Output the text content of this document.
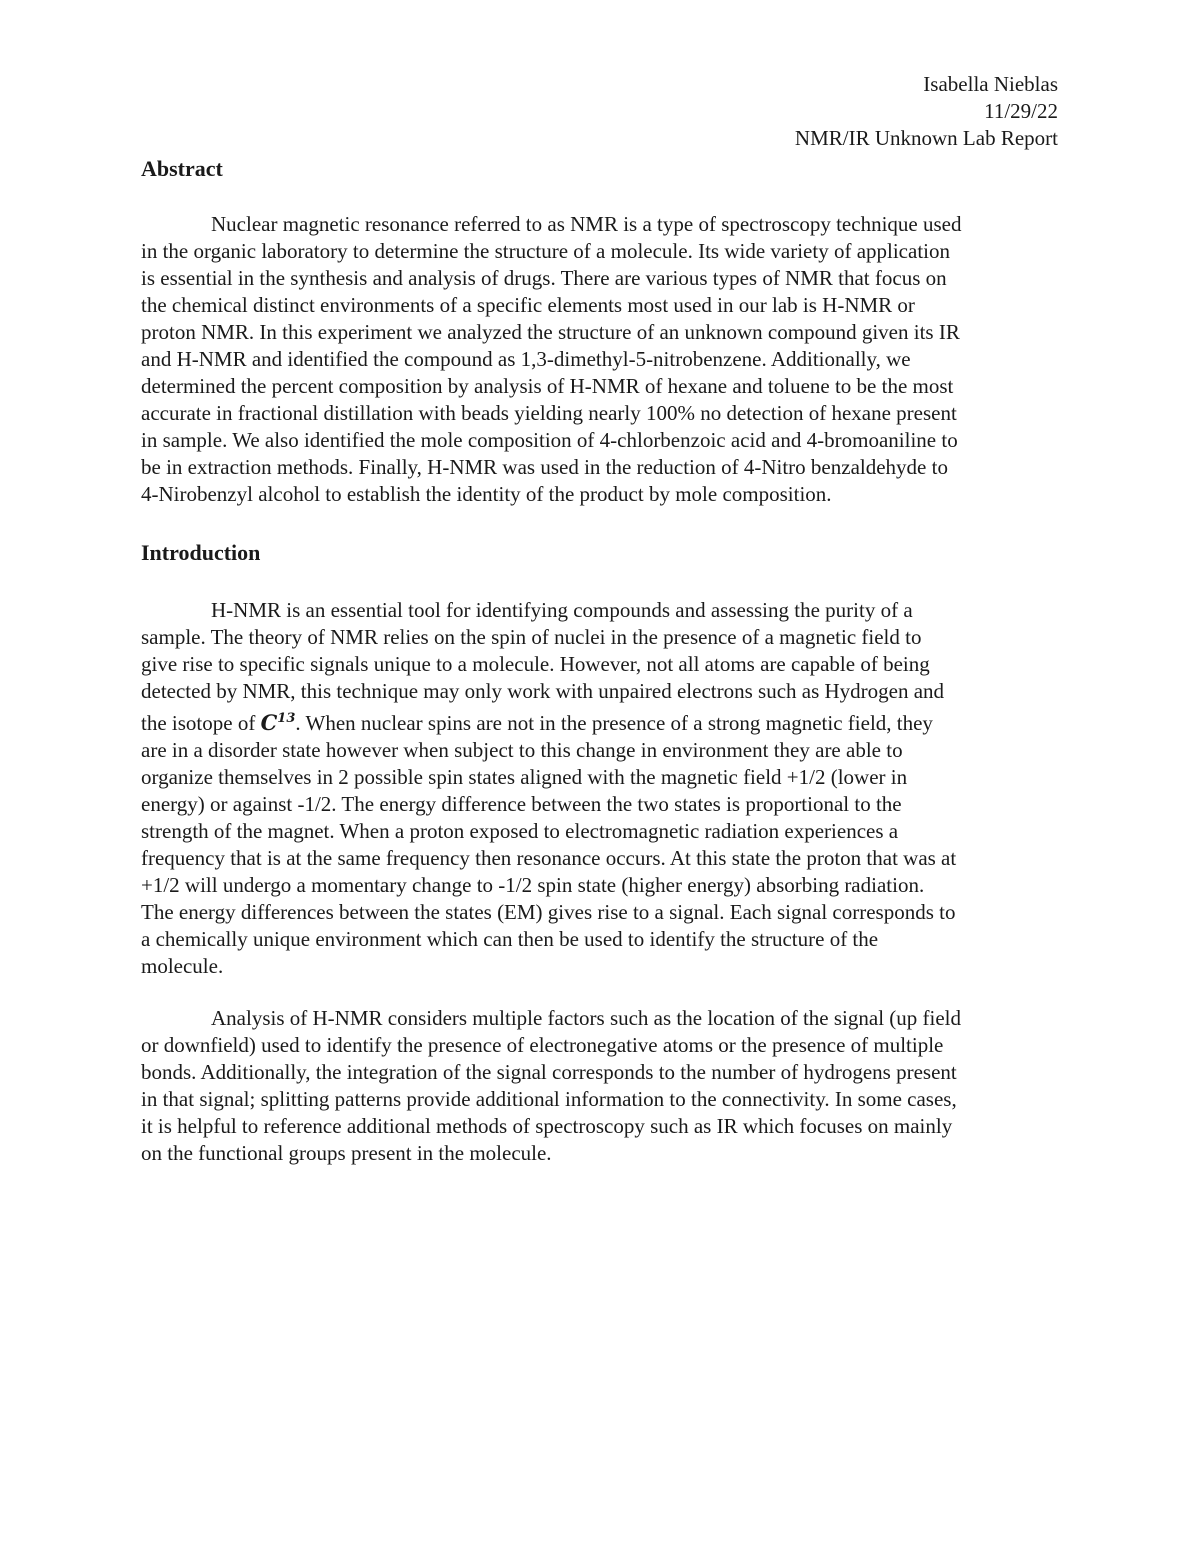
Isabella Nieblas
11/29/22
NMR/IR Unknown Lab Report
Abstract

Nuclear magnetic resonance referred to as NMR is a type of spectroscopy technique used
in the organic laboratory to determine the structure of a molecule. Its wide variety of application
is essential in the synthesis and analysis of drugs. There are various types of NMR that focus on
the chemical distinct environments of a specific elements most used in our lab is H-NMR or
proton NMR. In this experiment we analyzed the structure of an unknown compound given its IR
and H-NMR and identified the compound as 1,3-dimethyl-5-nitrobenzene. Additionally, we
determined the percent composition by analysis of H-NMR of hexane and toluene to be the most
accurate in fractional distillation with beads yielding nearly 100% no detection of hexane present
in sample. We also identified the mole composition of 4-chlorbenzoic acid and 4-bromoaniline to
be in extraction methods. Finally, H-NMR was used in the reduction of 4-Nitro benzaldehyde to
4-Nirobenzyl alcohol to establish the identity of the product by mole composition.

Introduction

H-NMR is an essential tool for identifying compounds and assessing the purity of a
sample. The theory of NMR relies on the spin of nuclei in the presence of a magnetic field to
give rise to specific signals unique to a molecule. However, not all atoms are capable of being
detected by NMR, this technique may only work with unpaired electrons such as Hydrogen and
the isotope of $C^{13}$. When nuclear spins are not in the presence of a strong magnetic field, they
are in a disorder state however when subject to this change in environment they are able to
organize themselves in 2 possible spin states aligned with the magnetic field +1/2 (lower in
energy) or against -1/2. The energy difference between the two states is proportional to the
strength of the magnet. When a proton exposed to electromagnetic radiation experiences a
frequency that is at the same frequency then resonance occurs. At this state the proton that was at
+1/2 will undergo a momentary change to -1/2 spin state (higher energy) absorbing radiation.
The energy differences between the states (EM) gives rise to a signal. Each signal corresponds to
a chemically unique environment which can then be used to identify the structure of the
molecule.

Analysis of H-NMR considers multiple factors such as the location of the signal (up field
or downfield) used to identify the presence of electronegative atoms or the presence of multiple
bonds. Additionally, the integration of the signal corresponds to the number of hydrogens present
in that signal; splitting patterns provide additional information to the connectivity. In some cases,
it is helpful to reference additional methods of spectroscopy such as IR which focuses on mainly
on the functional groups present in the molecule.
